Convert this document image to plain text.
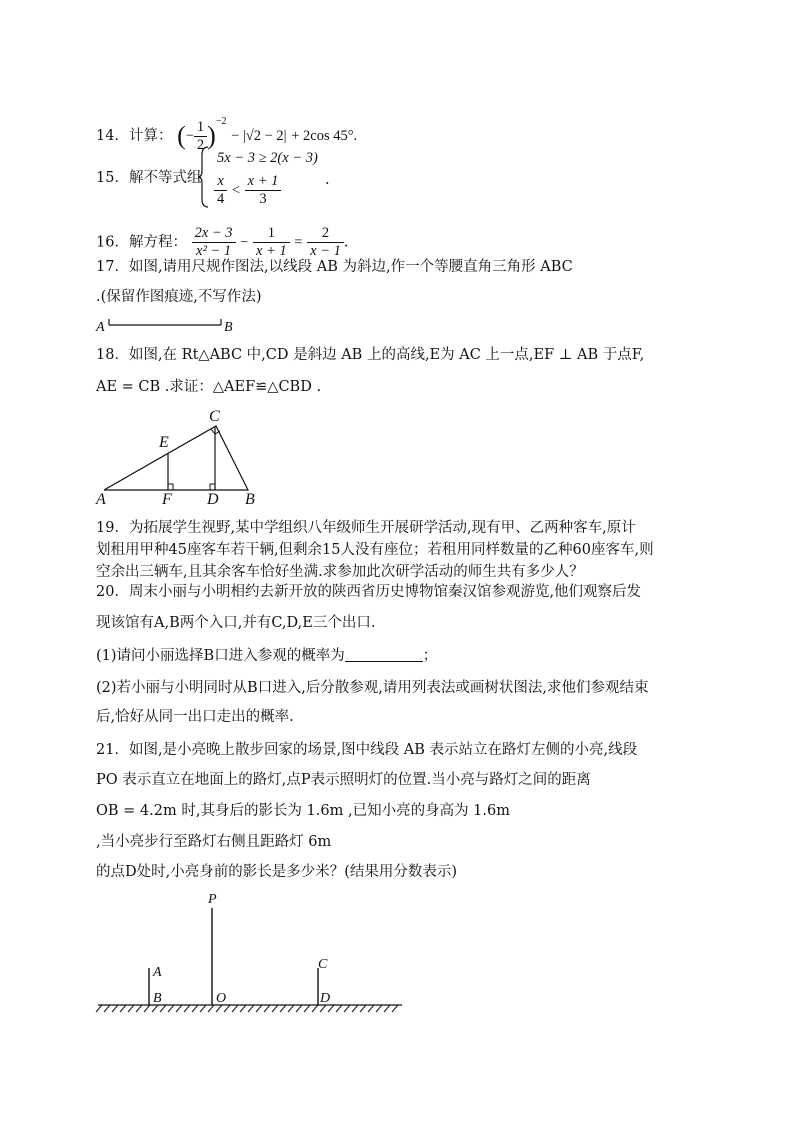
14．计算： (− $\frac{1}{2} )^{-2} - |√2 - 2| + 2\cos$ 45°.
15．解不等式组
5x − 3 ≥ 2(x − 3)
$\frac{x}{4} < \frac{x + 1}{3}$	.
16．解方程： $\frac{2x - 3}{\text{x² − 1}} - \frac{1}{x + 1} = \frac{2}{x - 1}$ .
17．如图,请用尺规作图法,以线段 AB 为斜边,作一个等腰直角三角形 ABC
.(保留作图痕迹,不写作法)
A	B
18．如图,在 Rt△ABC 中,CD 是斜边 AB 上的高线,E为 AC 上一点,EF ⊥ AB 于点F,
AE = CB .求证：△AEF≌△CBD .
A	F D B
C
E
19．为拓展学生视野,某中学组织八年级师生开展研学活动,现有甲、乙两种客车,原计
划租用甲种45座客车若干辆,但剩余15人没有座位；若租用同样数量的乙种60座客车,则
空余出三辆车,且其余客车恰好坐满.求参加此次研学活动的师生共有多少人？
20．周末小丽与小明相约去新开放的陕西省历史博物馆秦汉馆参观游览,他们观察后发
现该馆有A,B两个入口,并有C,D,E三个出口.
(1)请问小丽选择B口进入参观的概率为	；
(2)若小丽与小明同时从B口进入,后分散参观,请用列表法或画树状图法,求他们参观结束
后,恰好从同一出口走出的概率.
21．如图,是小亮晚上散步回家的场景,图中线段 AB 表示站立在路灯左侧的小亮,线段
PO 表示直立在地面上的路灯,点P表示照明灯的位置.当小亮与路灯之间的距离
OB = 4.2m 时,其身后的影长为 1.6m ,已知小亮的身高为 1.6m
,当小亮步行至路灯右侧且距路灯 6m
的点D处时,小亮身前的影长是多少米？(结果用分数表示)
P
A
B	O
C
D
